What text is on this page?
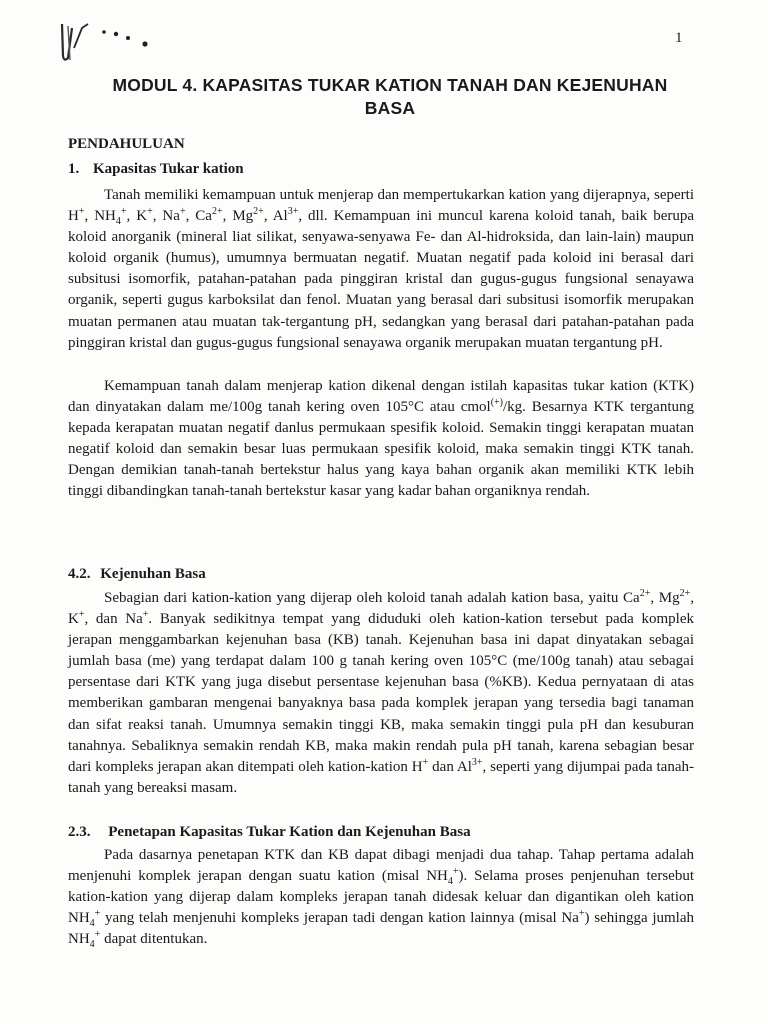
1
MODUL 4. KAPASITAS TUKAR KATION TANAH DAN KEJENUHAN
BASA
PENDAHULUAN
1. Kapasitas Tukar kation

Tanah memiliki kemampuan untuk menjerap dan mempertukarkan kation yang dijerapnya, seperti H+, $NH_4^+$, K+, Na+, $Ca^{2+}$, $Mg^{2+}$, $Al^{3+}$, dll. Kemampuan ini muncul karena koloid tanah, baik berupa koloid anorganik (mineral liat silikat, senyawa-senyawa Fe- dan Al-hidroksida, dan lain-lain) maupun koloid organik (humus), umumnya bermuatan negatif. Muatan negatif pada koloid ini berasal dari subsitusi isomorfik, patahan-patahan pada pinggiran kristal dan gugus-gugus fungsional senayawa organik, seperti gugus karboksilat dan fenol. Muatan yang berasal dari subsitusi isomorfik merupakan muatan permanen atau muatan tak-tergantung pH, sedangkan yang berasal dari patahan-patahan pada pinggiran kristal dan gugus-gugus fungsional senayawa organik merupakan muatan tergantung pH.

Kemampuan tanah dalam menjerap kation dikenal dengan istilah kapasitas tukar kation (KTK) dan dinyatakan dalam me/100g tanah kering oven 105°C atau cmol(+)/kg. Besarnya KTK tergantung kepada kerapatan muatan negatif danlus permukaan spesifik koloid. Semakin tinggi kerapatan muatan negatif koloid dan semakin besar luas permukaan spesifik koloid, maka semakin tinggi KTK tanah. Dengan demikian tanah-tanah bertekstur halus yang kaya bahan organik akan memiliki KTK lebih tinggi dibandingkan tanah-tanah bertekstur kasar yang kadar bahan organiknya rendah.

4.2. Kejenuhan Basa

Sebagian dari kation-kation yang dijerap oleh koloid tanah adalah kation basa, yaitu $Ca^{2+}$, $Mg^{2+}$, K+, dan Na+. Banyak sedikitnya tempat yang diduduki oleh kation-kation tersebut pada komplek jerapan menggambarkan kejenuhan basa (KB) tanah. Kejenuhan basa ini dapat dinyatakan sebagai jumlah basa (me) yang terdapat dalam 100 g tanah kering oven 105°C (me/100g tanah) atau sebagai persentase dari KTK yang juga disebut persentase kejenuhan basa (%KB). Kedua pernyataan di atas memberikan gambaran mengenai banyaknya basa pada komplek jerapan yang tersedia bagi tanaman dan sifat reaksi tanah. Umumnya semakin tinggi KB, maka semakin tinggi pula pH dan kesuburan tanahnya. Sebaliknya semakin rendah KB, maka makin rendah pula pH tanah, karena sebagian besar dari kompleks jerapan akan ditempati oleh kation-kation H+ dan $Al^{3+}$, seperti yang dijumpai pada tanah-tanah yang bereaksi masam.

2.3. Penetapan Kapasitas Tukar Kation dan Kejenuhan Basa

Pada dasarnya penetapan KTK dan KB dapat dibagi menjadi dua tahap. Tahap pertama adalah menjenuhi komplek jerapan dengan suatu kation (misal $NH_4^+$). Selama proses penjenuhan tersebut kation-kation yang dijerap dalam kompleks jerapan tanah didesak keluar dan digantikan oleh kation $NH_4^+$ yang telah menjenuhi kompleks jerapan tadi dengan kation lainnya (misal Na+) sehingga jumlah $NH_4^+$ dapat ditentukan.
